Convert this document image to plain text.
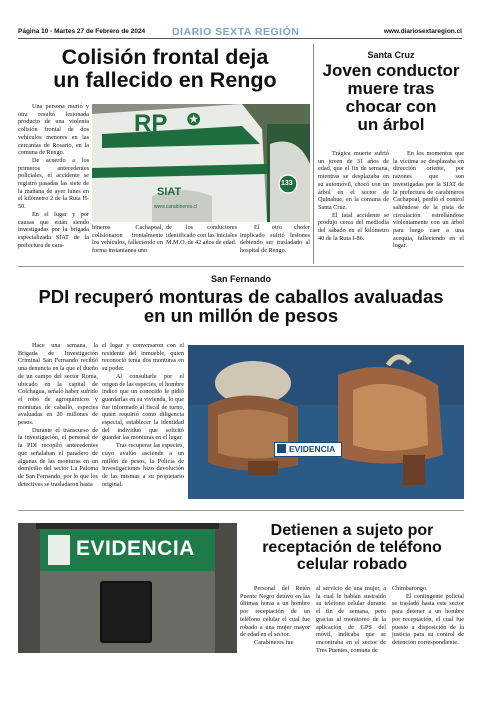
Página 10 - Martes 27 de Febrero de 2024	DIARIO SEXTA REGIÓN	www.diariosextaregion.cl
Colisión frontal deja
un fallecido en Rengo

Una persona murió y otra resultó lesionada producto de una violenta colisión frontal de dos vehículos menores en las cercanías de Rosario, en la comuna de Rengo.

De acuerdo a los primeros antecedentes policiales, el accidente se registró pasadas las siete de la mañana de ayer lunes en el kilómetro 2 de la Ruta H-50.

En el lugar y por causas que están siendo investigadas por la brigada especializada SIAT de la prefectura de cara-

RP ✪
SIAT
133
www.carabineros.cl

bineros Cachapoal, colisionaron frontalmente los vehículos, falleciendo en forma instantánea uno

de los conductores identificado con las iniciales M.M.O. de 42 años de edad.

El otro chofer implicado sufrió lesiones debiendo ser trasladado al hospital de Rengo.

Santa Cruz
Joven conductor
muere tras
chocar con
un árbol

Trágica muerte sufrió un joven de 31 años de edad, que el fin de semana, mientras se desplazaba en su automóvil, chocó con un árbol en el sector de Quinahue, en la comuna de Santa Cruz.

El fatal accidente se produjo cerca del mediodía del sábado en el kilómetro 40 de la Ruta I-86.

En los momentos que la víctima se desplazaba en dirección oriente, por razones que son investigadas por la SIAT de la prefectura de carabineros Cachapoal, perdió el control saliéndose de la pista de circulación estrellándose violentamente con un árbol para luego caer a una acequia, falleciendo en el lugar.

San Fernando
PDI recuperó monturas de caballos avaluadas
en un millón de pesos

Hace una semana, la Brigada de Investigación Criminal San Fernando recibió una denuncia en la que el dueño de un campo del sector Roma, ubicado en la capital de Colchagua, señaló haber sufrido el robo de agroquímicos y monturas de caballo, especies avaluadas en 20 millones de pesos.

Durante el transcurso de la investigación, el personal de la PDI recopiló antecedentes que señalaban el paradero de algunas de las monturas en un domicilio del sector La Paloma de San Fernando, por lo que los detectives se trasladaron hasta

el lugar y conversaron con el residente del inmueble, quien reconoció tenía dos monturas en su poder.

Al consultarle por el origen de las especies, el hombre indicó que un conocido le pidió guardarlas en su vivienda, lo que fue informado al fiscal de turno, quien requirió como diligencia especial, establecer la identidad del individuo que solicitó guardar las monturas en el lugar.

Tras recuperar las especies, cuyo avalúo asciende a un millón de pesos, la Policía de Investigaciones hizo devolución de las mismas a su propietario original.

EVIDENCIA
EVIDENCIA
Detienen a sujeto por
receptación de teléfono
celular robado

Personal del Retén Puente Negro detuvo en las últimas horas a un hombre por receptación de un teléfono celular el cual fue robado a una mujer mayor de edad en el sector.

Carabineros fue

al servicio de una mujer, a la cual le habían sustraído su teléfono celular durante el fin de semana, pero gracias al monitoreo de la aplicación de GPS del móvil, indicaba que se encontraba en el sector de Tres Puentes, comuna de

Chimbarongo.

El contingente policial se trasladó hasta este sector para detener a un hombre por receptación, el cual fue puesto a disposición de la justicia para su control de detención correspondiente.
